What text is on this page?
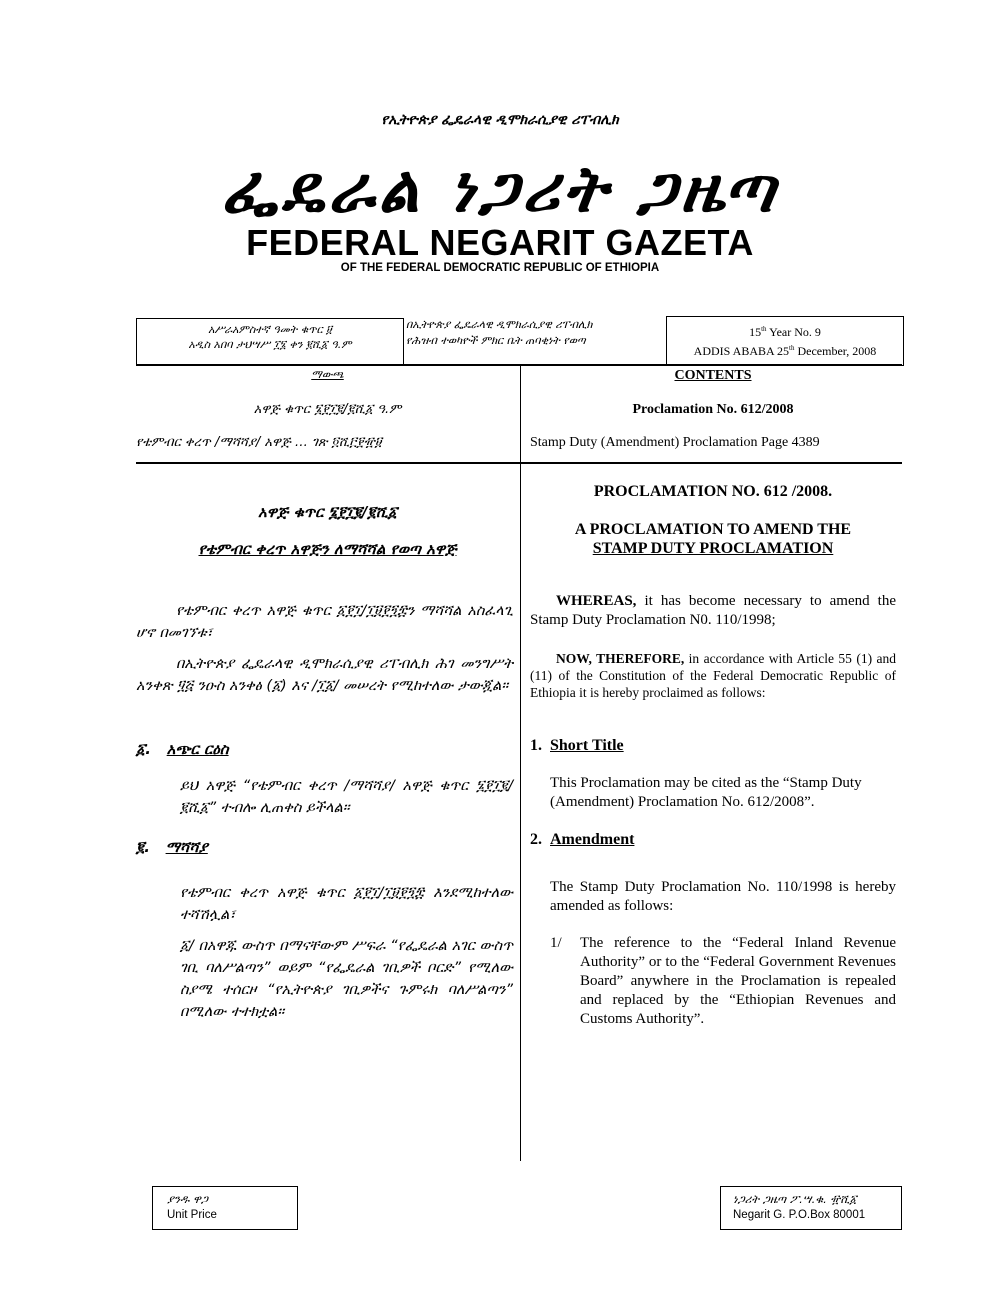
የኢትዮጵያ ፌዴራላዊ ዲሞክራሲያዊ ሪፐብሊክ
ፌዴራል ነጋሪት ጋዜጣ
FEDERAL NEGARIT GAZETA
OF THE FEDERAL DEMOCRATIC REPUBLIC OF ETHIOPIA
አሥራአምስተኛ ዓመት ቁጥር ፱
አዲስ አበባ ታህሣሥ ፲፮ ቀን ፪ሺ፩ ዓ.ም
በኢትዮጵያ ፌዴራላዊ ዲሞክራሲያዊ ሪፐብሊክ
የሕዝብ ተወካዮች ምክር ቤት ጠባቂነት የወጣ
15th Year No. 9
ADDIS ABABA 25th December, 2008
ማውጫ	CONTENTS
አዋጅ ቁጥር ፮፻፲፪/፪ሺ፩ ዓ.ም	Proclamation No. 612/2008
የቴምብር ቀረጥ /ማሻሻያ/ አዋጅ … ገጽ ፬ሺ፫፻፹፱	Stamp Duty (Amendment) Proclamation Page 4389
PROCLAMATION NO. 612 /2008.
A PROCLAMATION TO AMEND THE
STAMP DUTY PROCLAMATION
WHEREAS, it has become necessary to amend the Stamp Duty Proclamation N0. 110/1998;
NOW, THEREFORE, in accordance with Article 55 (1) and (11) of the Constitution of the Federal Democratic Republic of Ethiopia it is hereby proclaimed as follows:
1. Short Title
This Proclamation may be cited as the “Stamp Duty (Amendment) Proclamation No. 612/2008”.
2. Amendment
The Stamp Duty Proclamation No. 110/1998 is hereby amended as follows:
1/ The reference to the “Federal Inland Revenue Authority” or to the “Federal Government Revenues Board” anywhere in the Proclamation is repealed and replaced by the “Ethiopian Revenues and Customs Authority”.
አዋጅ ቁጥር ፮፻፲፪/፪ሺ፩
የቴምብር ቀረጥ አዋጅን ለማሻሻል የወጣ አዋጅ
የቴምብር ቀረጥ አዋጅ ቁጥር ፩፻፲/፲፱፻፺፰ን ማሻሻል አስፈላጊ ሆኖ በመገኘቱ፣
በኢትዮጵያ ፌዴራላዊ ዲሞክራሲያዊ ሪፐብሊክ ሕገ መንግሥት አንቀጽ ፶፭ ንዑስ አንቀፅ (፩) እና /፲፩/ መሠረት የሚከተለው ታውጇል።
፩. አጭር ርዕስ
ይህ አዋጅ “የቴምብር ቀረጥ /ማሻሻያ/ አዋጅ ቁጥር ፮፻፲፪/፪ሺ፩” ተብሎ ሊጠቀስ ይችላል።
፪. ማሻሻያ
የቴምብር ቀረጥ አዋጅ ቁጥር ፩፻፲/፲፱፻፺፰ እንደሚከተለው ተሻሽሏል፣
፩/ በአዋጁ ውስጥ በማናቸውም ሥፍራ “የፌዴራል አገር ውስጥ ገቢ ባለሥልጣን” ወይም “የፌዴራል ገቢዎች ቦርድ” የሚለው ስያሜ ተሰርዞ “የኢትዮጵያ ገቢዎችና ጉምሩክ ባለሥልጣን” በሚለው ተተክቷል።
ያንዱ ዋጋ
Unit Price
ነጋሪት ጋዜጣ ፖ.ሣ.ቁ. ፹ሺ፩
Negarit G. P.O.Box 80001
